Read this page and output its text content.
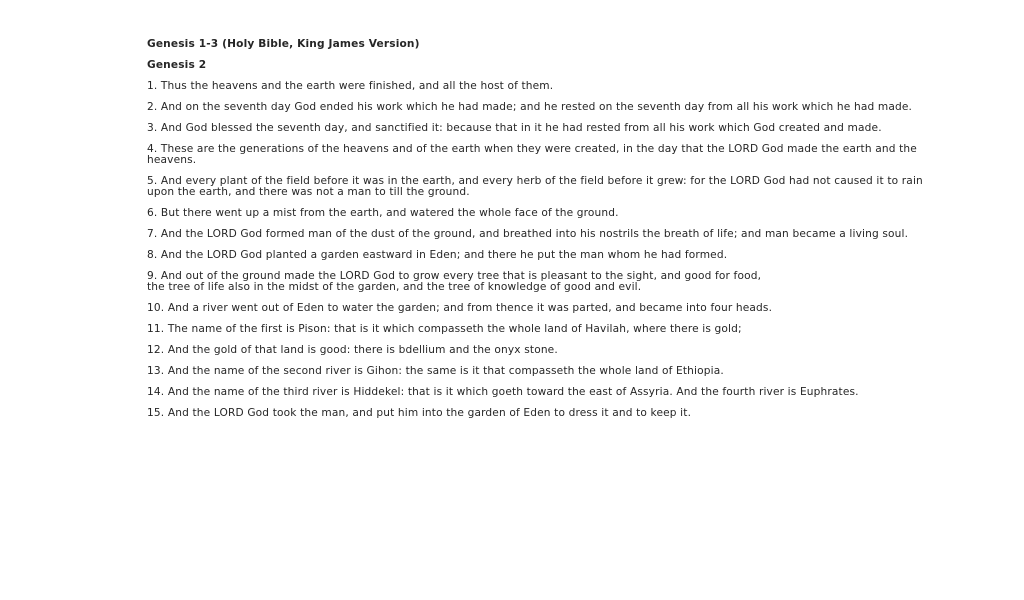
Genesis 1-3 (Holy Bible, King James Version)
Genesis 2

1. Thus the heavens and the earth were finished, and all the host of them.

2. And on the seventh day God ended his work which he had made; and he rested on the seventh day from all his work which he had made.

3. And God blessed the seventh day, and sanctified it: because that in it he had rested from all his work which God created and made.

4. These are the generations of the heavens and of the earth when they were created, in the day that the LORD God made the earth and the heavens.

5. And every plant of the field before it was in the earth, and every herb of the field before it grew: for the LORD God had not caused it to rain upon the earth, and there was not a man to till the ground.

6. But there went up a mist from the earth, and watered the whole face of the ground.

7. And the LORD God formed man of the dust of the ground, and breathed into his nostrils the breath of life; and man became a living soul.

8. And the LORD God planted a garden eastward in Eden; and there he put the man whom he had formed.

9. And out of the ground made the LORD God to grow every tree that is pleasant to the sight, and good for food,
the tree of life also in the midst of the garden, and the tree of knowledge of good and evil.

10. And a river went out of Eden to water the garden; and from thence it was parted, and became into four heads.

11. The name of the first is Pison: that is it which compasseth the whole land of Havilah, where there is gold;

12. And the gold of that land is good: there is bdellium and the onyx stone.

13. And the name of the second river is Gihon: the same is it that compasseth the whole land of Ethiopia.

14. And the name of the third river is Hiddekel: that is it which goeth toward the east of Assyria. And the fourth river is Euphrates.

15. And the LORD God took the man, and put him into the garden of Eden to dress it and to keep it.
